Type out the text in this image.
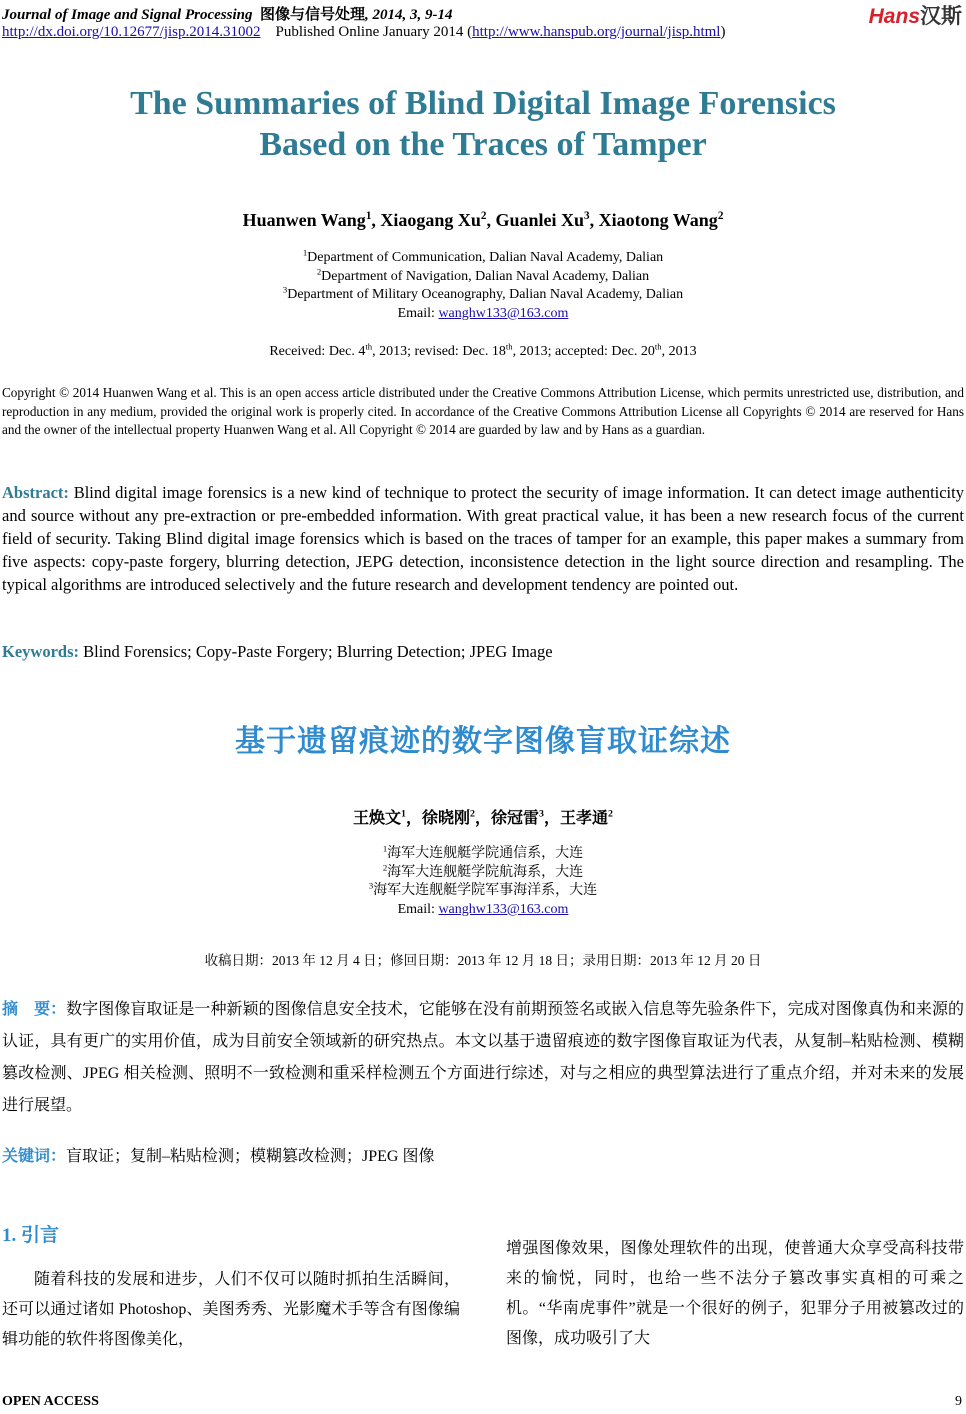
Journal of Image and Signal Processing 图像与信号处理, 2014, 3, 9-14	Hans汉斯
http://dx.doi.org/10.12677/jisp.2014.31002 Published Online January 2014 (http://www.hanspub.org/journal/jisp.html)
The Summaries of Blind Digital Image Forensics
Based on the Traces of Tamper
Huanwen Wang$^1$, Xiaogang Xu$^2$, Guanlei Xu$^3$, Xiaotong Wang$^2$
$^1$Department of Communication, Dalian Naval Academy, Dalian
$^2$Department of Navigation, Dalian Naval Academy, Dalian
$^3$Department of Military Oceanography, Dalian Naval Academy, Dalian
Email: wanghw133@163.com
Received: Dec. 4th, 2013; revised: Dec. 18th, 2013; accepted: Dec. 20th, 2013
Copyright © 2014 Huanwen Wang et al. This is an open access article distributed under the Creative Commons Attribution License, which permits unrestricted use, distribution, and reproduction in any medium, provided the original work is properly cited. In accordance of the Creative Commons Attribution License all Copyrights © 2014 are reserved for Hans and the owner of the intellectual property Huanwen Wang et al. All Copyright © 2014 are guarded by law and by Hans as a guardian.
Abstract: Blind digital image forensics is a new kind of technique to protect the security of image information. It can detect image authenticity and source without any pre-extraction or pre-embedded information. With great practical value, it has been a new research focus of the current field of security. Taking Blind digital image forensics which is based on the traces of tamper for an example, this paper makes a summary from five aspects: copy-paste forgery, blurring detection, JEPG detection, inconsistence detection in the light source direction and resampling. The typical algorithms are introduced selectively and the future research and development tendency are pointed out.
Keywords: Blind Forensics; Copy-Paste Forgery; Blurring Detection; JPEG Image
基于遗留痕迹的数字图像盲取证综述
王焕文$^1$，徐晓刚$^2$，徐冠雷$^3$，王孝通$^2$
$^1$海军大连舰艇学院通信系，大连
$^2$海军大连舰艇学院航海系，大连
$^3$海军大连舰艇学院军事海洋系，大连
Email: wanghw133@163.com
收稿日期：2013 年 12 月 4 日；修回日期：2013 年 12 月 18 日；录用日期：2013 年 12 月 20 日
摘　要：数字图像盲取证是一种新颖的图像信息安全技术，它能够在没有前期预签名或嵌入信息等先验条件下，完成对图像真伪和来源的认证，具有更广的实用价值，成为目前安全领域新的研究热点。本文以基于遗留痕迹的数字图像盲取证为代表，从复制–粘贴检测、模糊篡改检测、JPEG 相关检测、照明不一致检测和重采样检测五个方面进行综述，对与之相应的典型算法进行了重点介绍，并对未来的发展进行展望。
关键词：盲取证；复制–粘贴检测；模糊篡改检测；JPEG 图像
1. 引言

随着科技的发展和进步，人们不仅可以随时抓拍生活瞬间，还可以通过诸如 Photoshop、美图秀秀、光影魔术手等含有图像编辑功能的软件将图像美化，

增强图像效果，图像处理软件的出现，使普通大众享受高科技带来的愉悦，同时，也给一些不法分子篡改事实真相的可乘之机。“华南虎事件”就是一个很好的例子，犯罪分子用被篡改过的图像，成功吸引了大

OPEN ACCESS	9
